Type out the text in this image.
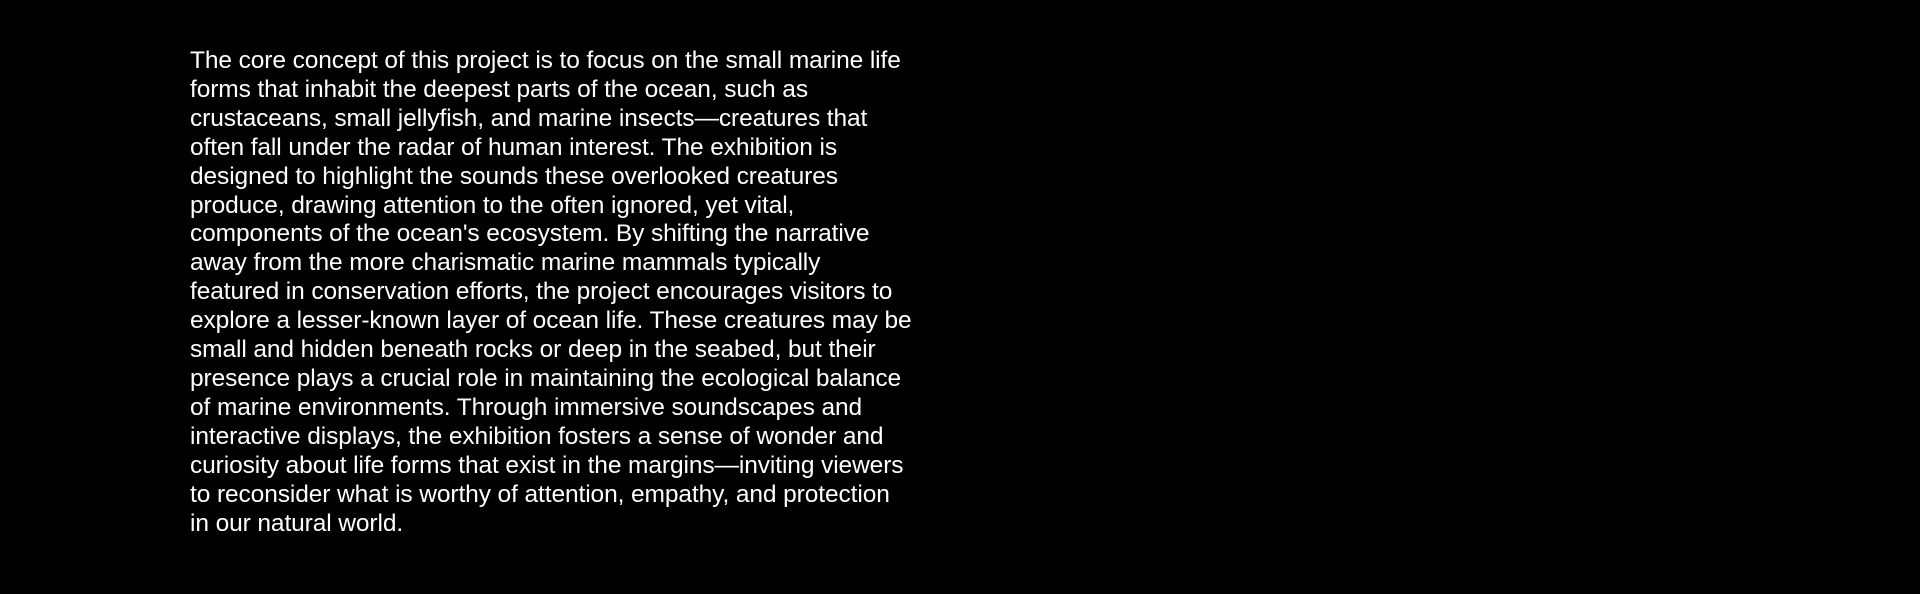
The core concept of this project is to focus on the small marine life
forms that inhabit the deepest parts of the ocean, such as
crustaceans, small jellyfish, and marine insects—creatures that
often fall under the radar of human interest. The exhibition is
designed to highlight the sounds these overlooked creatures
produce, drawing attention to the often ignored, yet vital,
components of the ocean's ecosystem. By shifting the narrative
away from the more charismatic marine mammals typically
featured in conservation efforts, the project encourages visitors to
explore a lesser-known layer of ocean life. These creatures may be
small and hidden beneath rocks or deep in the seabed, but their
presence plays a crucial role in maintaining the ecological balance
of marine environments. Through immersive soundscapes and
interactive displays, the exhibition fosters a sense of wonder and
curiosity about life forms that exist in the margins—inviting viewers
to reconsider what is worthy of attention, empathy, and protection
in our natural world.
